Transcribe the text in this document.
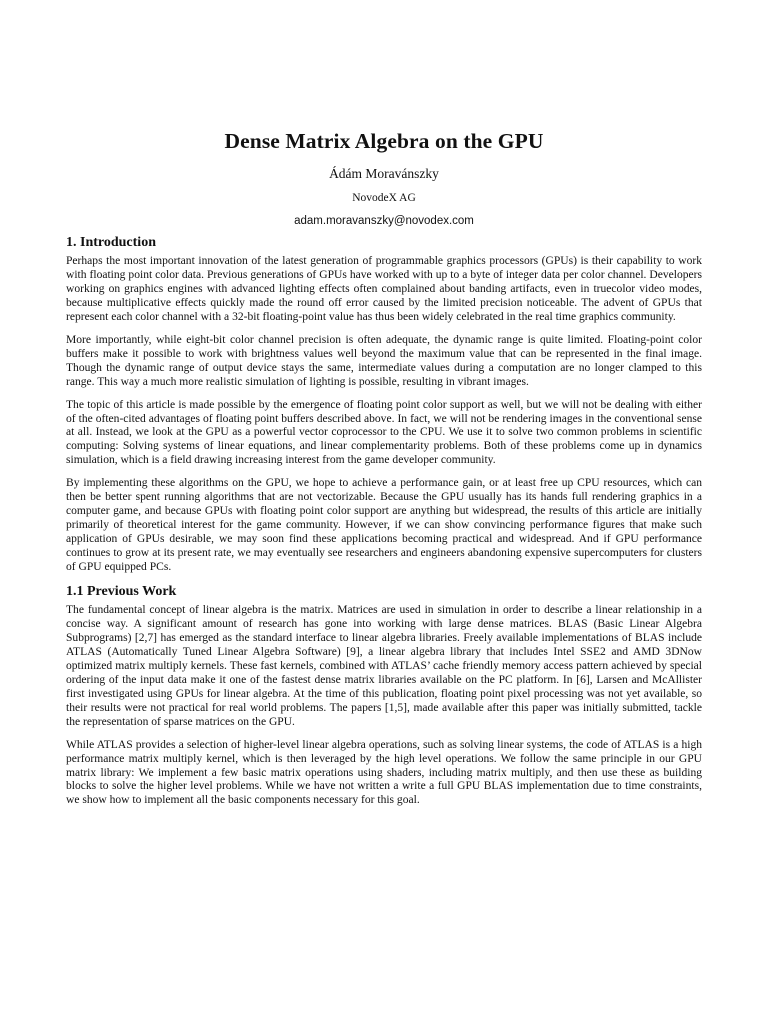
Dense Matrix Algebra on the GPU
Ádám Moravánszky
NovodeX AG
adam.moravanszky@novodex.com
1. Introduction

Perhaps the most important innovation of the latest generation of programmable graphics processors (GPUs) is their capability to work with floating point color data. Previous generations of GPUs have worked with up to a byte of integer data per color channel. Developers working on graphics engines with advanced lighting effects often complained about banding artifacts, even in truecolor video modes, because multiplicative effects quickly made the round off error caused by the limited precision noticeable. The advent of GPUs that represent each color channel with a 32-bit floating-point value has thus been widely celebrated in the real time graphics community.

More importantly, while eight-bit color channel precision is often adequate, the dynamic range is quite limited. Floating-point color buffers make it possible to work with brightness values well beyond the maximum value that can be represented in the final image. Though the dynamic range of output device stays the same, intermediate values during a computation are no longer clamped to this range. This way a much more realistic simulation of lighting is possible, resulting in vibrant images.

The topic of this article is made possible by the emergence of floating point color support as well, but we will not be dealing with either of the often-cited advantages of floating point buffers described above. In fact, we will not be rendering images in the conventional sense at all. Instead, we look at the GPU as a powerful vector coprocessor to the CPU. We use it to solve two common problems in scientific computing: Solving systems of linear equations, and linear complementarity problems. Both of these problems come up in dynamics simulation, which is a field drawing increasing interest from the game developer community.

By implementing these algorithms on the GPU, we hope to achieve a performance gain, or at least free up CPU resources, which can then be better spent running algorithms that are not vectorizable. Because the GPU usually has its hands full rendering graphics in a computer game, and because GPUs with floating point color support are anything but widespread, the results of this article are initially primarily of theoretical interest for the game community. However, if we can show convincing performance figures that make such application of GPUs desirable, we may soon find these applications becoming practical and widespread. And if GPU performance continues to grow at its present rate, we may eventually see researchers and engineers abandoning expensive supercomputers for clusters of GPU equipped PCs.

1.1 Previous Work

The fundamental concept of linear algebra is the matrix. Matrices are used in simulation in order to describe a linear relationship in a concise way. A significant amount of research has gone into working with large dense matrices. BLAS (Basic Linear Algebra Subprograms) [2,7] has emerged as the standard interface to linear algebra libraries. Freely available implementations of BLAS include ATLAS (Automatically Tuned Linear Algebra Software) [9], a linear algebra library that includes Intel SSE2 and AMD 3DNow optimized matrix multiply kernels. These fast kernels, combined with ATLAS’ cache friendly memory access pattern achieved by special ordering of the input data make it one of the fastest dense matrix libraries available on the PC platform. In [6], Larsen and McAllister first investigated using GPUs for linear algebra. At the time of this publication, floating point pixel processing was not yet available, so their results were not practical for real world problems. The papers [1,5], made available after this paper was initially submitted, tackle the representation of sparse matrices on the GPU.

While ATLAS provides a selection of higher-level linear algebra operations, such as solving linear systems, the code of ATLAS is a high performance matrix multiply kernel, which is then leveraged by the high level operations. We follow the same principle in our GPU matrix library: We implement a few basic matrix operations using shaders, including matrix multiply, and then use these as building blocks to solve the higher level problems. While we have not written a write a full GPU BLAS implementation due to time constraints, we show how to implement all the basic components necessary for this goal.
